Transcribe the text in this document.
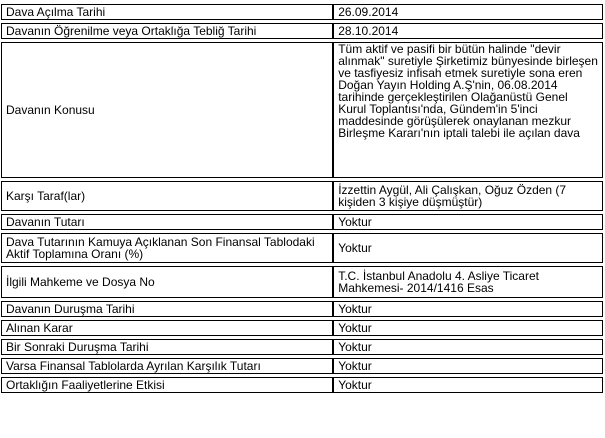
Dava Açılma Tarihi	26.09.2014
Davanın Öğrenilme veya Ortaklığa Tebliğ Tarihi	28.10.2014
Davanın Konusu	Tüm aktif ve pasifi bir bütün halinde "devir alınmak" suretiyle Şirketimiz bünyesinde birleşen ve tasfiyesiz infisah etmek suretiyle sona eren Doğan Yayın Holding A.Ş'nin, 06.08.2014 tarihinde gerçekleştirilen Olağanüstü Genel Kurul Toplantısı'nda, Gündem'in 5'inci maddesinde görüşülerek onaylanan mezkur Birleşme Kararı'nın iptali talebi ile açılan dava
Karşı Taraf(lar)	İzzettin Aygül, Ali Çalışkan, Oğuz Özden (7 kişiden 3 kişiye düşmüştür)
Davanın Tutarı	Yoktur
Dava Tutarının Kamuya Açıklanan Son Finansal Tablodaki Aktif Toplamına Oranı (%)	Yoktur
İlgili Mahkeme ve Dosya No	T.C. İstanbul Anadolu 4. Asliye Ticaret Mahkemesi- 2014/1416 Esas
Davanın Duruşma Tarihi	Yoktur
Alınan Karar	Yoktur
Bir Sonraki Duruşma Tarihi	Yoktur
Varsa Finansal Tablolarda Ayrılan Karşılık Tutarı	Yoktur
Ortaklığın Faaliyetlerine Etkisi	Yoktur
